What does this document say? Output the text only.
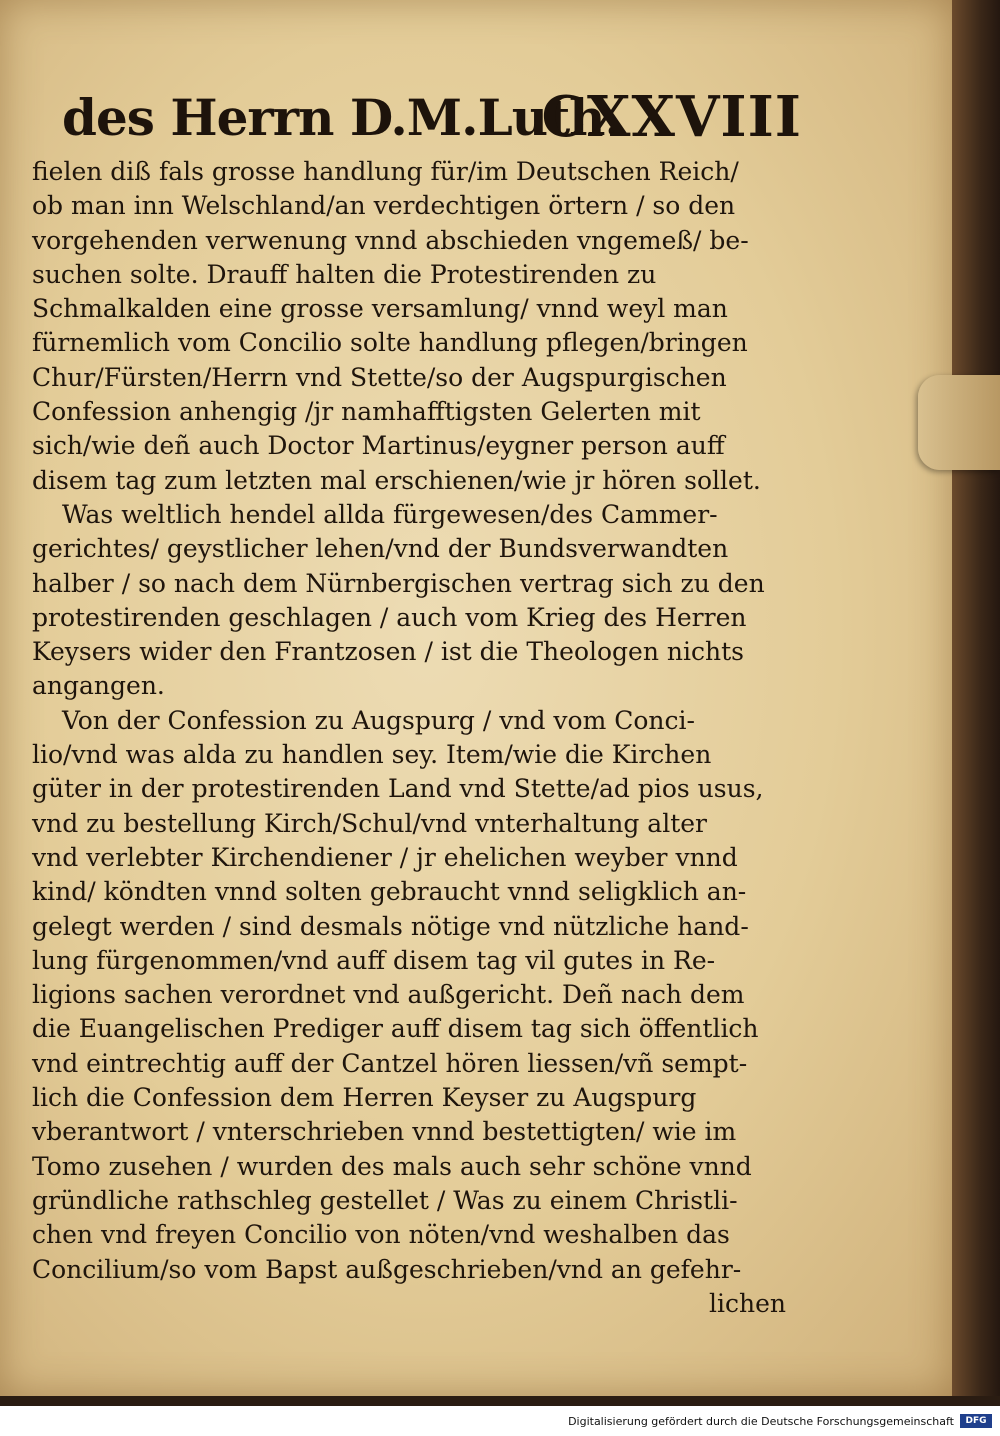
des Herrn D.M.Luth.
CXXVIII
fielen diß fals grosse handlung für/im Deutschen Reich/
ob man inn Welschland/an verdechtigen örtern / so den
vorgehenden verwenung vnnd abschieden vngemeß/ be-
suchen solte. Drauff halten die Protestirenden zu
Schmalkalden eine grosse versamlung/ vnnd weyl man
fürnemlich vom Concilio solte handlung pflegen/bringen
Chur/Fürsten/Herrn vnd Stette/so der Augspurgischen
Confession anhengig /jr namhafftigsten Gelerten mit
sich/wie deñ auch Doctor Martinus/eygner person auff
disem tag zum letzten mal erschienen/wie jr hören sollet.
Was weltlich hendel allda fürgewesen/des Cammer-
gerichtes/ geystlicher lehen/vnd der Bundsverwandten
halber / so nach dem Nürnbergischen vertrag sich zu den
protestirenden geschlagen / auch vom Krieg des Herren
Keysers wider den Frantzosen / ist die Theologen nichts
angangen.
Von der Confession zu Augspurg / vnd vom Conci-
lio/vnd was alda zu handlen sey. Item/wie die Kirchen
güter in der protestirenden Land vnd Stette/ad pios usus,
vnd zu bestellung Kirch/Schul/vnd vnterhaltung alter
vnd verlebter Kirchendiener / jr ehelichen weyber vnnd
kind/ köndten vnnd solten gebraucht vnnd seligklich an-
gelegt werden / sind desmals nötige vnd nützliche hand-
lung fürgenommen/vnd auff disem tag vil gutes in Re-
ligions sachen verordnet vnd außgericht. Deñ nach dem
die Euangelischen Prediger auff disem tag sich öffentlich
vnd eintrechtig auff der Cantzel hören liessen/vñ sempt-
lich die Confession dem Herren Keyser zu Augspurg
vberantwort / vnterschrieben vnnd bestettigten/ wie im
Tomo zusehen / wurden des mals auch sehr schöne vnnd
gründliche rathschleg gestellet / Was zu einem Christli-
chen vnd freyen Concilio von nöten/vnd weshalben das
Concilium/so vom Bapst außgeschrieben/vnd an gefehr-
lichen
Digitalisierung gefördert durch die Deutsche Forschungsgemeinschaft	DFG
